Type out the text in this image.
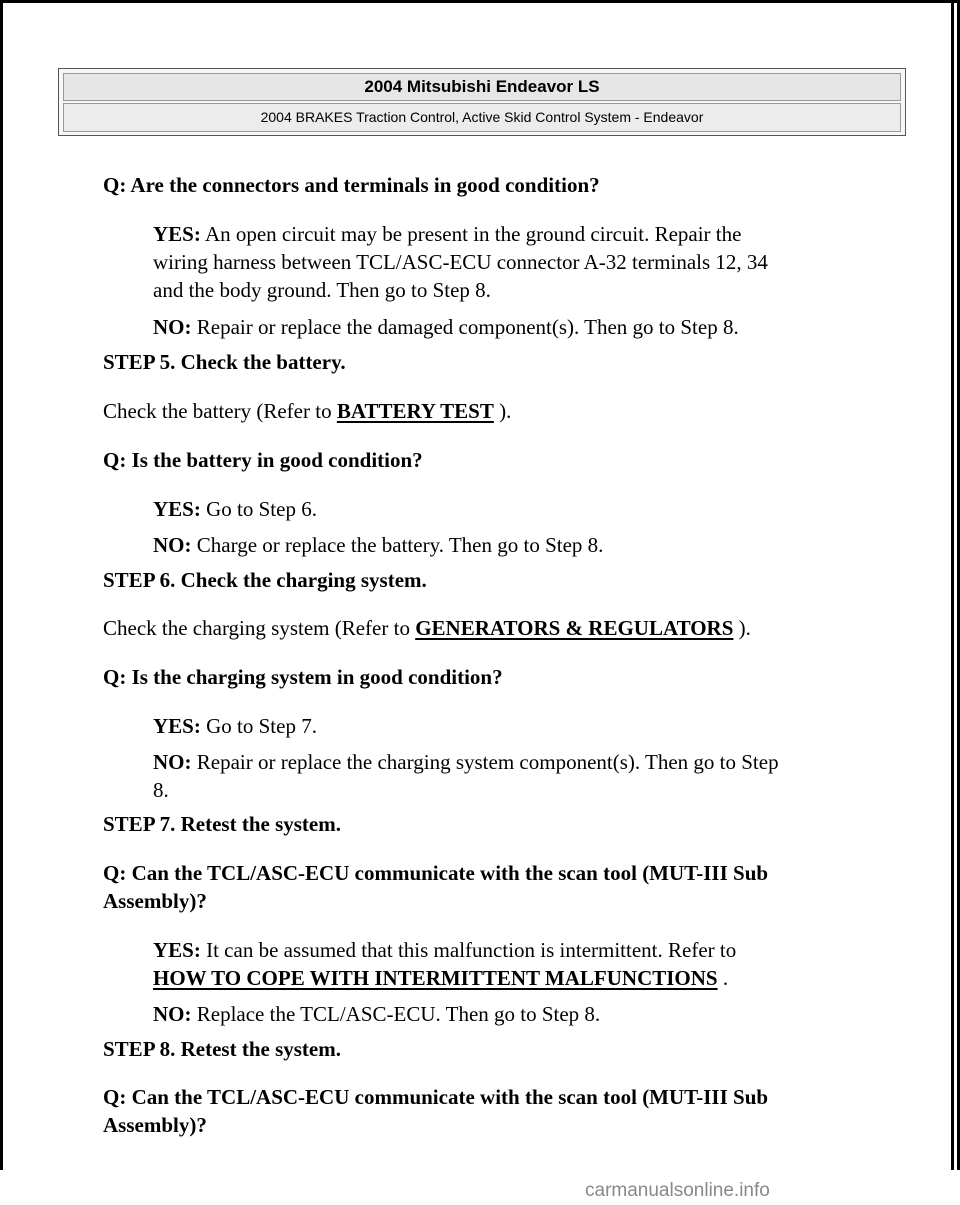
2004 Mitsubishi Endeavor LS
2004 BRAKES Traction Control, Active Skid Control System - Endeavor
Q: Are the connectors and terminals in good condition?
YES: An open circuit may be present in the ground circuit. Repair the
wiring harness between TCL/ASC-ECU connector A-32 terminals 12, 34
and the body ground. Then go to Step 8.
NO: Repair or replace the damaged component(s). Then go to Step 8.
STEP 5. Check the battery.
Check the battery (Refer to BATTERY TEST ).
Q: Is the battery in good condition?
YES: Go to Step 6.
NO: Charge or replace the battery. Then go to Step 8.
STEP 6. Check the charging system.
Check the charging system (Refer to GENERATORS & REGULATORS ).
Q: Is the charging system in good condition?
YES: Go to Step 7.
NO: Repair or replace the charging system component(s). Then go to Step
8.
STEP 7. Retest the system.
Q: Can the TCL/ASC-ECU communicate with the scan tool (MUT-III Sub
Assembly)?
YES: It can be assumed that this malfunction is intermittent. Refer to
HOW TO COPE WITH INTERMITTENT MALFUNCTIONS .
NO: Replace the TCL/ASC-ECU. Then go to Step 8.
STEP 8. Retest the system.
Q: Can the TCL/ASC-ECU communicate with the scan tool (MUT-III Sub
Assembly)?
carmanualsonline.info
